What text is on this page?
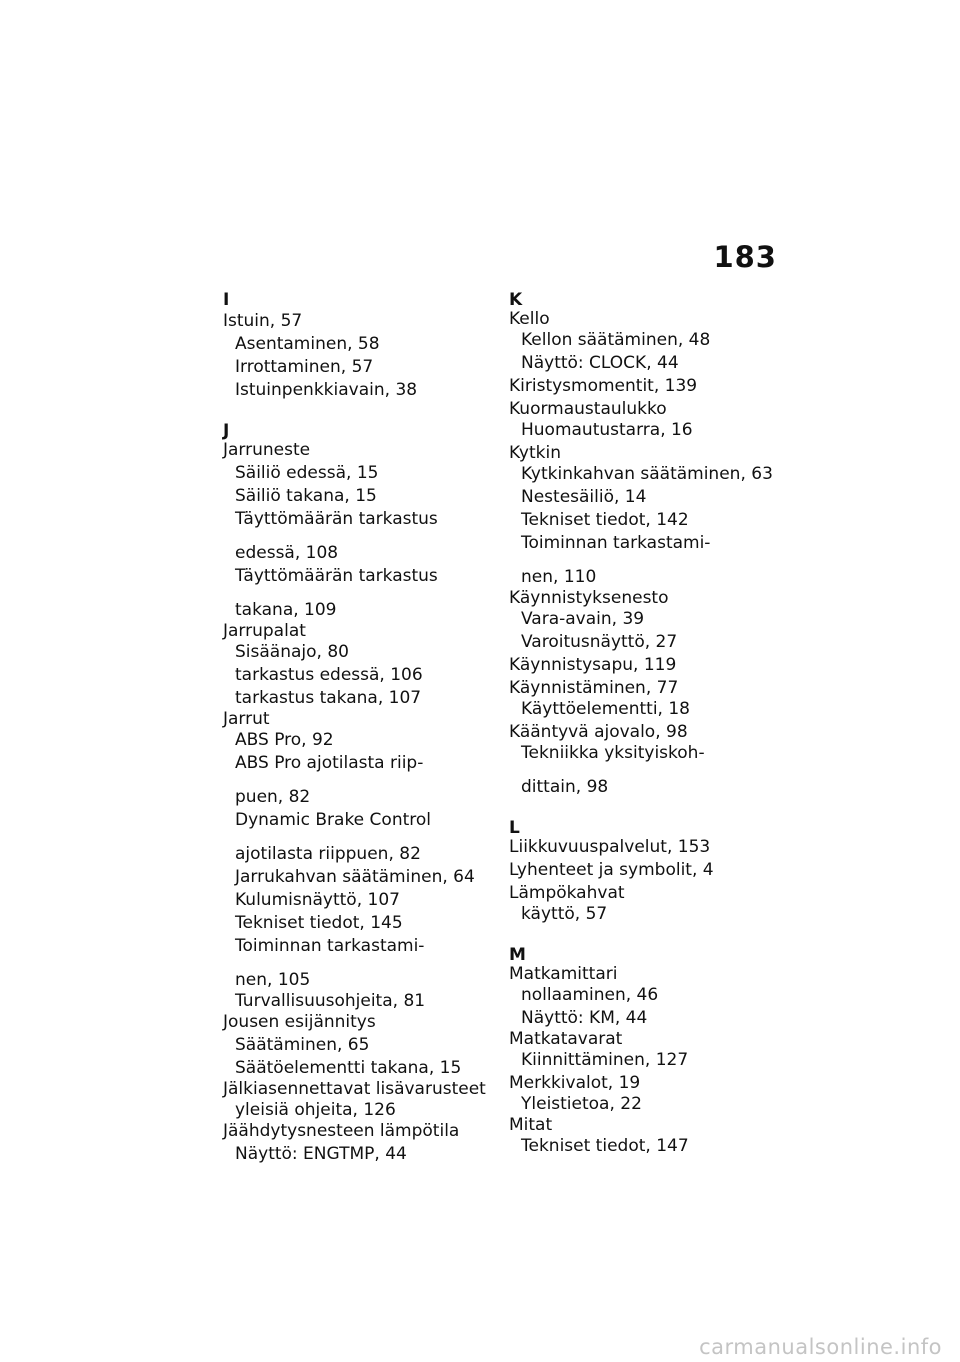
183
I
Istuin, 57
Asentaminen, 58
Irrottaminen, 57
Istuinpenkkiavain, 38
J
Jarruneste
Säiliö edessä, 15
Säiliö takana, 15
Täyttömäärän tarkastus
edessä, 108
Täyttömäärän tarkastus
takana, 109
Jarrupalat
Sisäänajo, 80
tarkastus edessä, 106
tarkastus takana, 107
Jarrut
ABS Pro, 92
ABS Pro ajotilasta riip-
puen, 82
Dynamic Brake Control
ajotilasta riippuen, 82
Jarrukahvan säätäminen, 64
Kulumisnäyttö, 107
Tekniset tiedot, 145
Toiminnan tarkastami-
nen, 105
Turvallisuusohjeita, 81
Jousen esijännitys
Säätäminen, 65
Säätöelementti takana, 15
Jälkiasennettavat lisävarusteet
yleisiä ohjeita, 126
Jäähdytysnesteen lämpötila
Näyttö: ENGTMP, 44
K
Kello
Kellon säätäminen, 48
Näyttö: CLOCK, 44
Kiristysmomentit, 139
Kuormaustaulukko
Huomautustarra, 16
Kytkin
Kytkinkahvan säätäminen, 63
Nestesäiliö, 14
Tekniset tiedot, 142
Toiminnan tarkastami-
nen, 110
Käynnistyksenesto
Vara-avain, 39
Varoitusnäyttö, 27
Käynnistysapu, 119
Käynnistäminen, 77
Käyttöelementti, 18
Kääntyvä ajovalo, 98
Tekniikka yksityiskoh-
dittain, 98
L
Liikkuvuuspalvelut, 153
Lyhenteet ja symbolit, 4
Lämpökahvat
käyttö, 57
M
Matkamittari
nollaaminen, 46
Näyttö: KM, 44
Matkatavarat
Kiinnittäminen, 127
Merkkivalot, 19
Yleistietoa, 22
Mitat
Tekniset tiedot, 147
carmanualsonline.info
